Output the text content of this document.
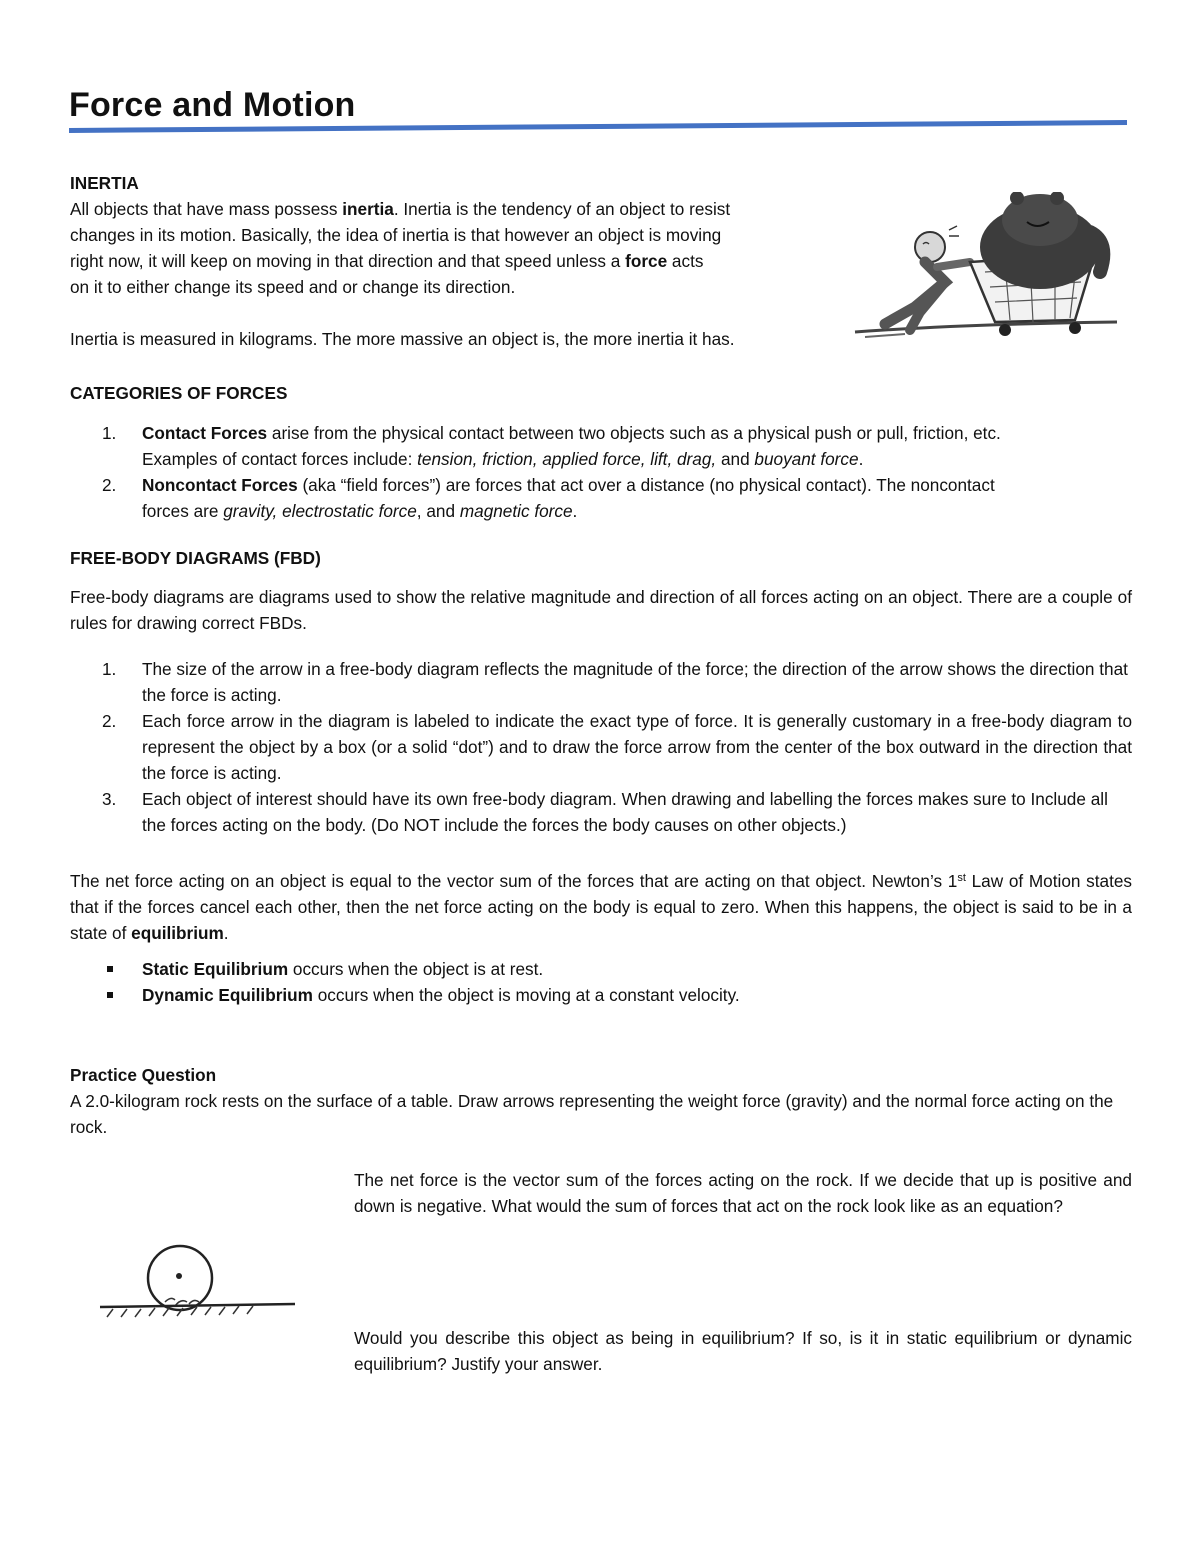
Force and Motion

INERTIA

All objects that have mass possess inertia. Inertia is the tendency of an object to resist

changes in its motion. Basically, the idea of inertia is that however an object is moving

right now, it will keep on moving in that direction and that speed unless a force acts

on it to either change its speed and or change its direction.

Inertia is measured in kilograms. The more massive an object is, the more inertia it has.

CATEGORIES OF FORCES

1. Contact Forces arise from the physical contact between two objects such as a physical push or pull, friction, etc.
Examples of contact forces include: tension, friction, applied force, lift, drag, and buoyant force.
2. Noncontact Forces (aka “field forces”) are forces that act over a distance (no physical contact). The noncontact
forces are gravity, electrostatic force, and magnetic force.

FREE-BODY DIAGRAMS (FBD)

Free-body diagrams are diagrams used to show the relative magnitude and direction of all forces acting on an object. There are a couple of rules for drawing correct FBDs.

1. The size of the arrow in a free-body diagram reflects the magnitude of the force; the direction of the arrow shows the direction that the force is acting.
2. Each force arrow in the diagram is labeled to indicate the exact type of force. It is generally customary in a free-body diagram to represent the object by a box (or a solid “dot”) and to draw the force arrow from the center of the box outward in the direction that the force is acting.
3. Each object of interest should have its own free-body diagram. When drawing and labelling the forces makes sure to Include all the forces acting on the body. (Do NOT include the forces the body causes on other objects.)

The net force acting on an object is equal to the vector sum of the forces that are acting on that object. Newton’s 1st Law of Motion states that if the forces cancel each other, then the net force acting on the body is equal to zero. When this happens, the object is said to be in a state of equilibrium.

Static Equilibrium occurs when the object is at rest.
Dynamic Equilibrium occurs when the object is moving at a constant velocity.

Practice Question

A 2.0-kilogram rock rests on the surface of a table. Draw arrows representing the weight force (gravity) and the normal force acting on the rock.

The net force is the vector sum of the forces acting on the rock. If we decide that up is positive and down is negative. What would the sum of forces that act on the rock look like as an equation?

Would you describe this object as being in equilibrium? If so, is it in static equilibrium or dynamic equilibrium? Justify your answer.
